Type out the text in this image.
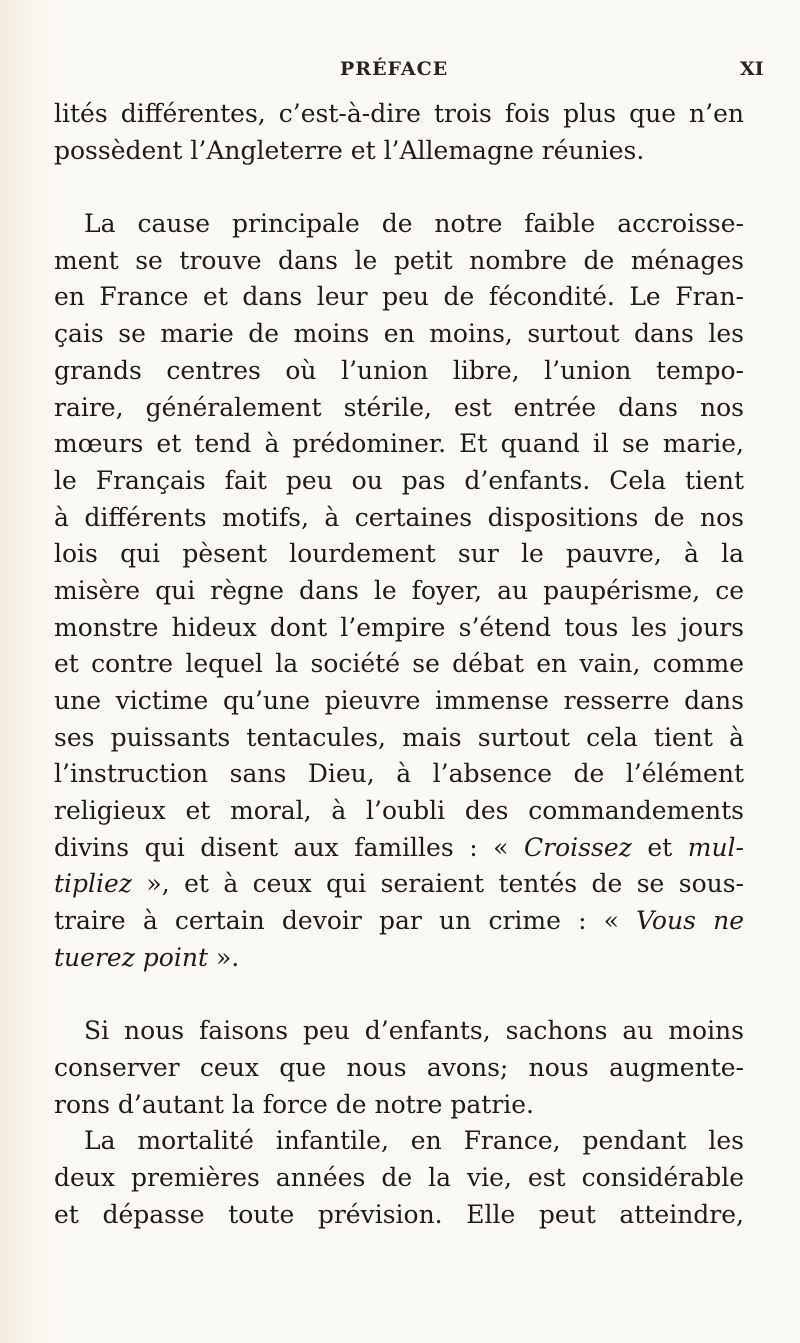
PRÉFACE	XI
lités différentes, c’est-à-dire trois fois plus que n’en
possèdent l’Angleterre et l’Allemagne réunies.
La cause principale de notre faible accroisse-
ment se trouve dans le petit nombre de ménages
en France et dans leur peu de fécondité. Le Fran-
çais se marie de moins en moins, surtout dans les
grands centres où l’union libre, l’union tempo-
raire, généralement stérile, est entrée dans nos
mœurs et tend à prédominer. Et quand il se marie,
le Français fait peu ou pas d’enfants. Cela tient
à différents motifs, à certaines dispositions de nos
lois qui pèsent lourdement sur le pauvre, à la
misère qui règne dans le foyer, au paupérisme, ce
monstre hideux dont l’empire s’étend tous les jours
et contre lequel la société se débat en vain, comme
une victime qu’une pieuvre immense resserre dans
ses puissants tentacules, mais surtout cela tient à
l’instruction sans Dieu, à l’absence de l’élément
religieux et moral, à l’oubli des commandements
divins qui disent aux familles : « Croissez et mul-
tipliez », et à ceux qui seraient tentés de se sous-
traire à certain devoir par un crime : « Vous ne
tuerez point ».
Si nous faisons peu d’enfants, sachons au moins
conserver ceux que nous avons; nous augmente-
rons d’autant la force de notre patrie.
La mortalité infantile, en France, pendant les
deux premières années de la vie, est considérable
et dépasse toute prévision. Elle peut atteindre,
